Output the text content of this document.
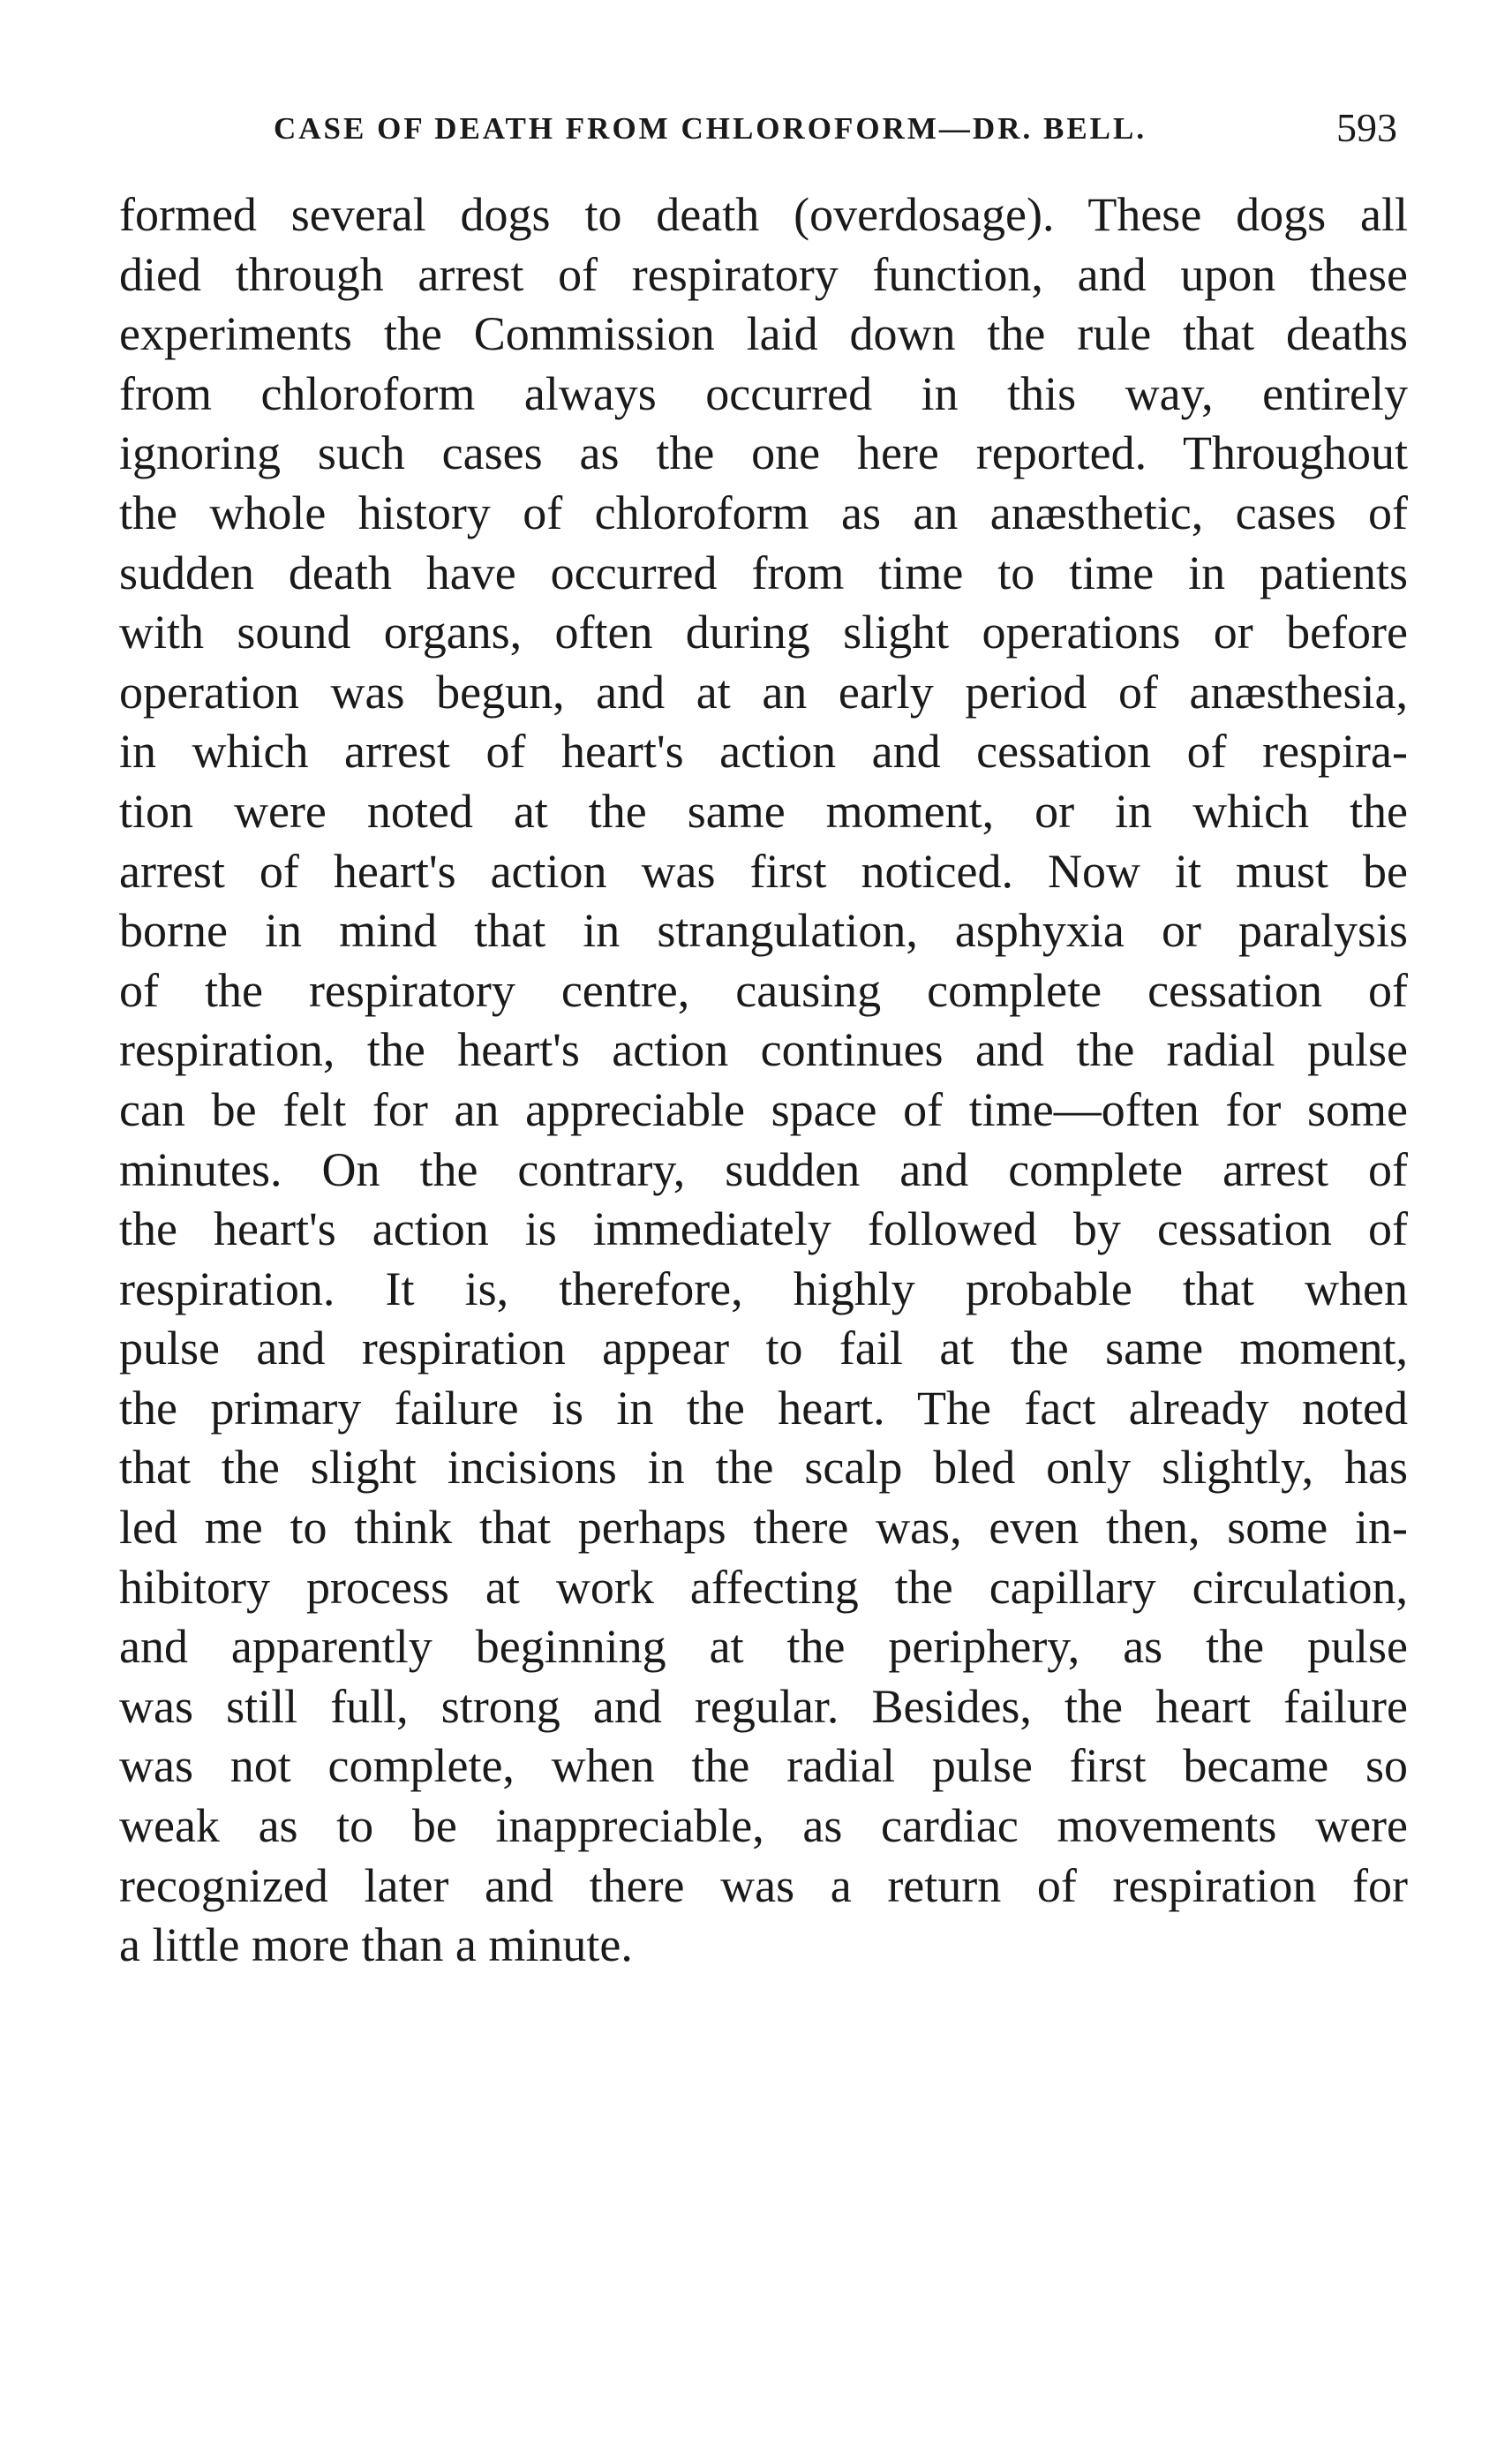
CASE OF DEATH FROM CHLOROFORM—DR. BELL.	593
formed several dogs to death (overdosage). These dogs all
died through arrest of respiratory function, and upon these
experiments the Commission laid down the rule that deaths
from chloroform always occurred in this way, entirely
ignoring such cases as the one here reported. Throughout
the whole history of chloroform as an anæsthetic, cases of
sudden death have occurred from time to time in patients
with sound organs, often during slight operations or before
operation was begun, and at an early period of anæsthesia,
in which arrest of heart's action and cessation of respira-
tion were noted at the same moment, or in which the
arrest of heart's action was first noticed. Now it must be
borne in mind that in strangulation, asphyxia or paralysis
of the respiratory centre, causing complete cessation of
respiration, the heart's action continues and the radial pulse
can be felt for an appreciable space of time—often for some
minutes. On the contrary, sudden and complete arrest of
the heart's action is immediately followed by cessation of
respiration. It is, therefore, highly probable that when
pulse and respiration appear to fail at the same moment,
the primary failure is in the heart. The fact already noted
that the slight incisions in the scalp bled only slightly, has
led me to think that perhaps there was, even then, some in-
hibitory process at work affecting the capillary circulation,
and apparently beginning at the periphery, as the pulse
was still full, strong and regular. Besides, the heart failure
was not complete, when the radial pulse first became so
weak as to be inappreciable, as cardiac movements were
recognized later and there was a return of respiration for
a little more than a minute.
